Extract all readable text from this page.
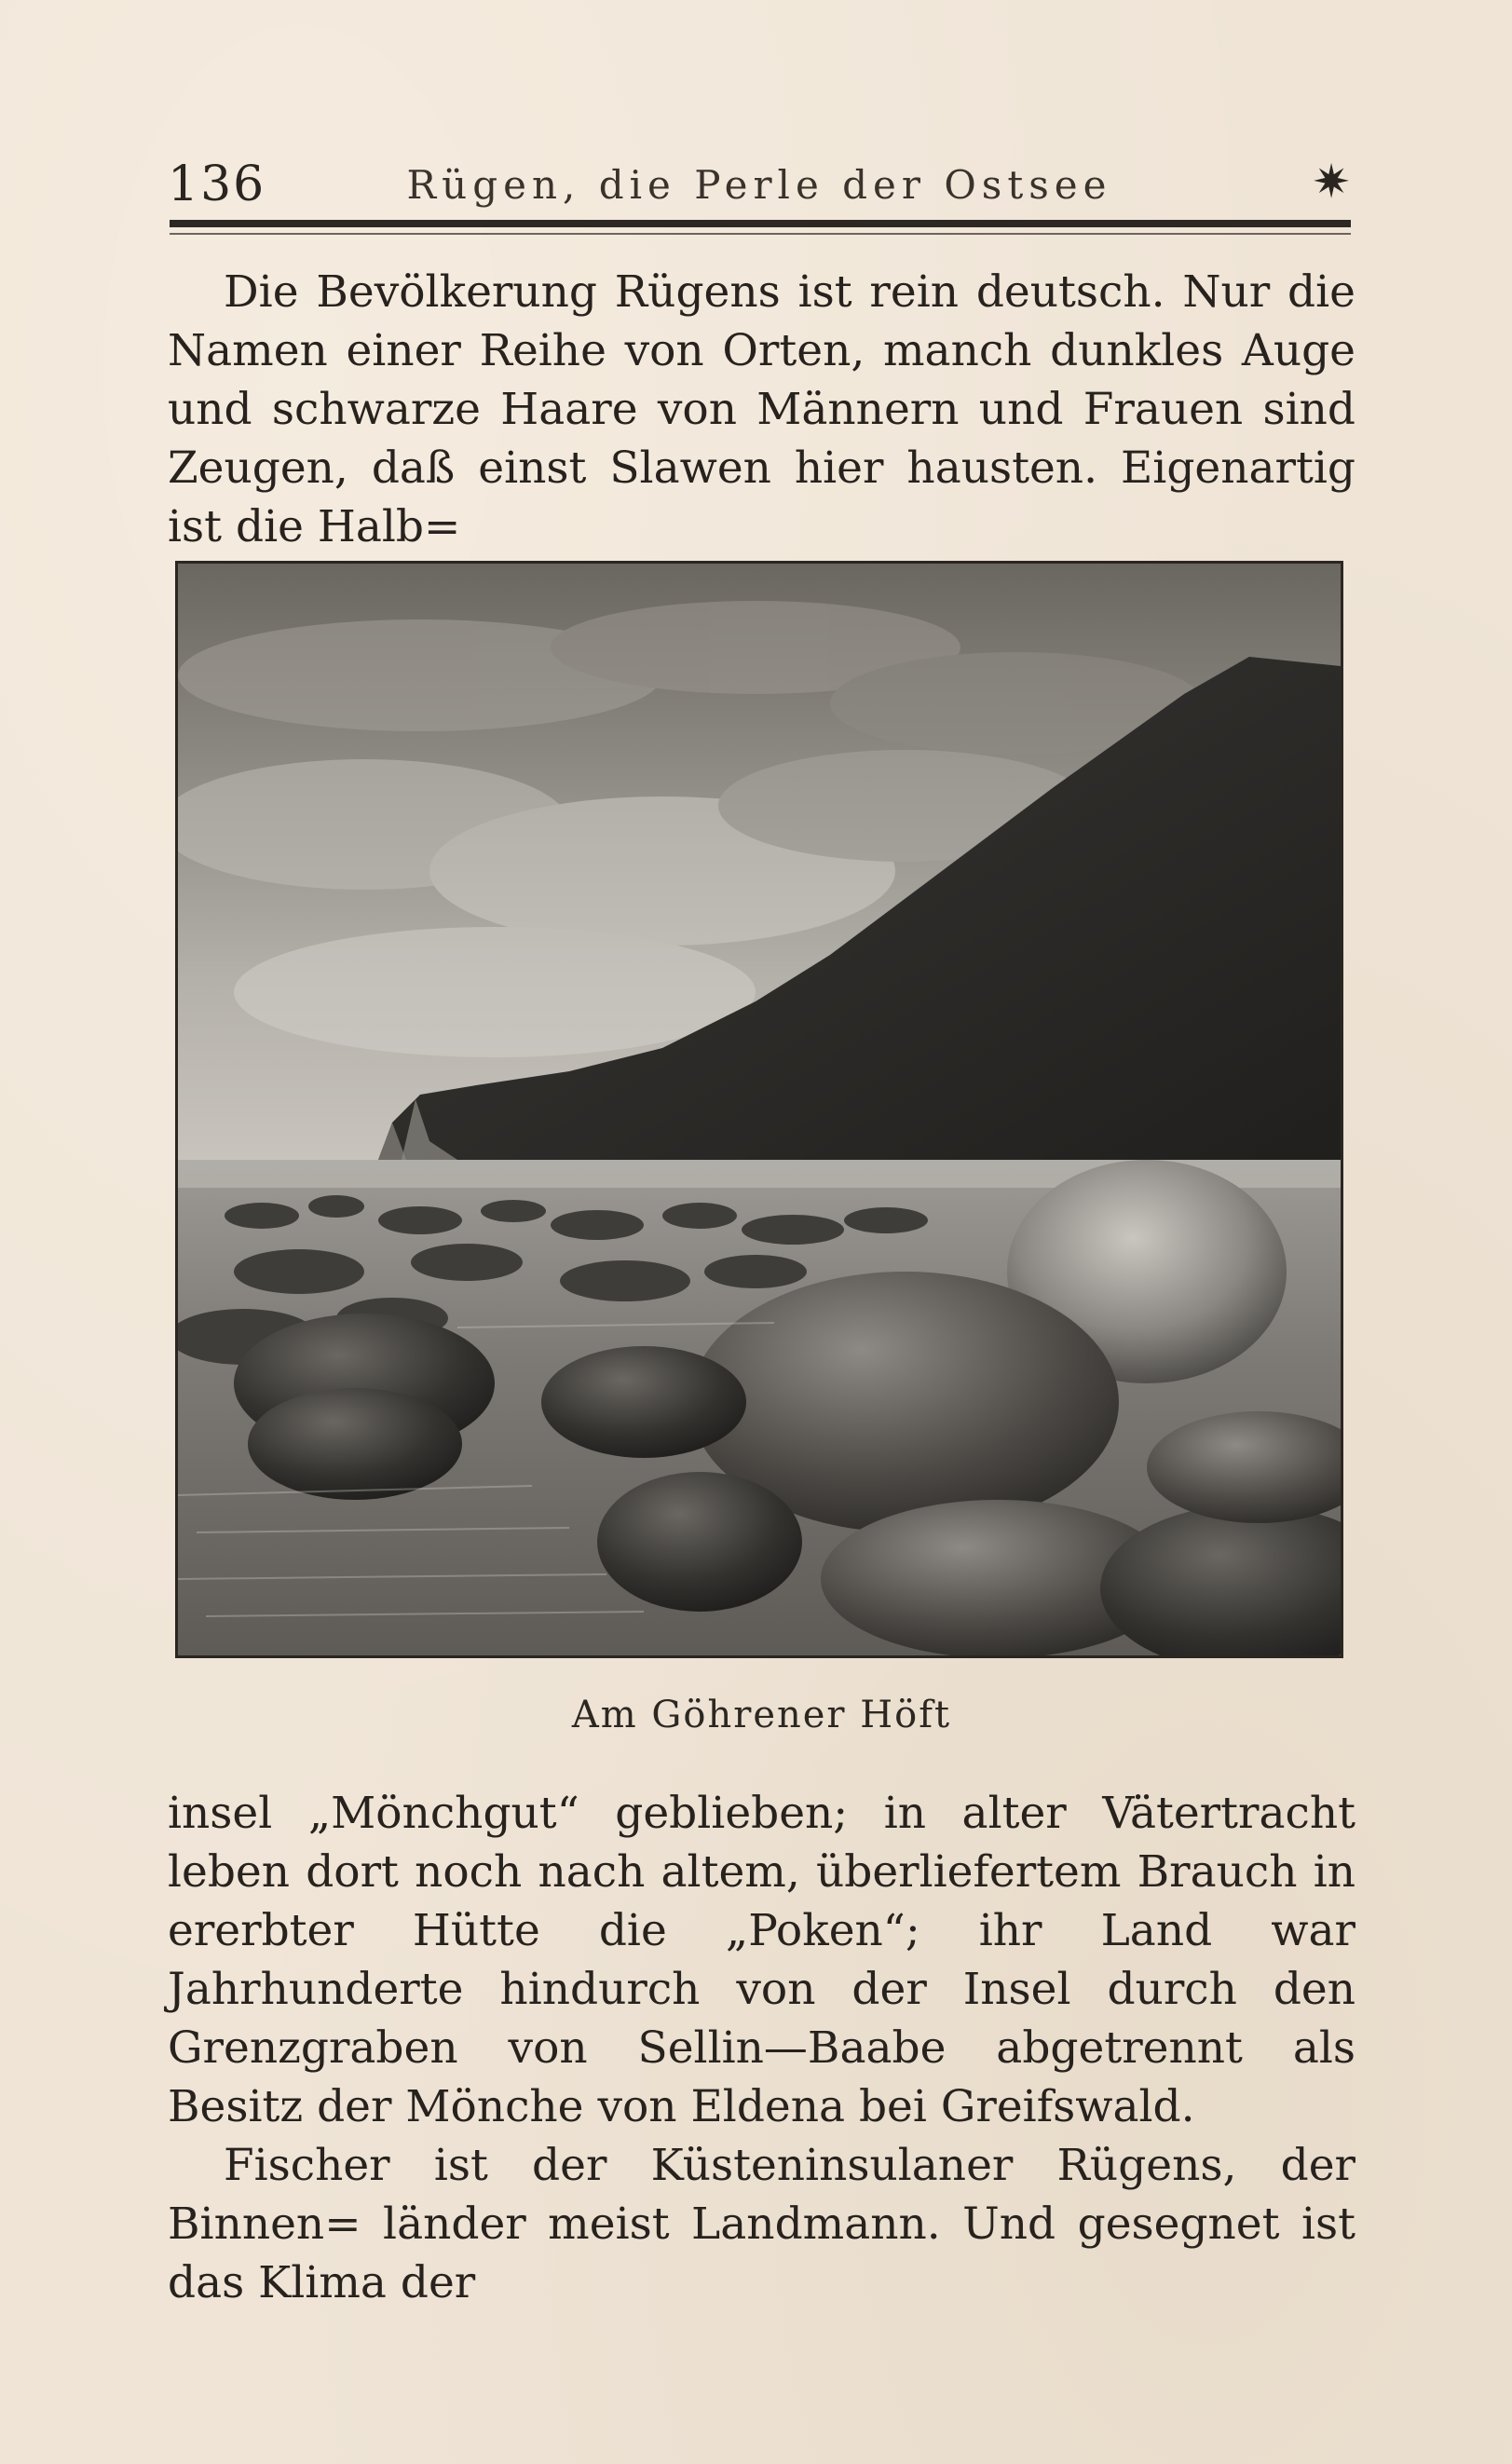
136	Rügen, die Perle der Ostsee	✷

Die Bevölkerung Rügens ist rein deutsch. Nur die Namen einer Reihe von Orten, manch dunkles Auge und schwarze Haare von Männern und Frauen sind Zeugen, daß einst Slawen hier hausten. Eigenartig ist die Halb=

Am Göhrener Höft

insel „Mönchgut“ geblieben; in alter Vätertracht leben dort noch nach altem, überliefertem Brauch in ererbter Hütte die „Poken“; ihr Land war Jahrhunderte hindurch von der Insel durch den Grenzgraben von Sellin—Baabe abgetrennt als Besitz der Mönche von Eldena bei Greifswald.

Fischer ist der Küsteninsulaner Rügens, der Binnen= länder meist Landmann. Und gesegnet ist das Klima der
